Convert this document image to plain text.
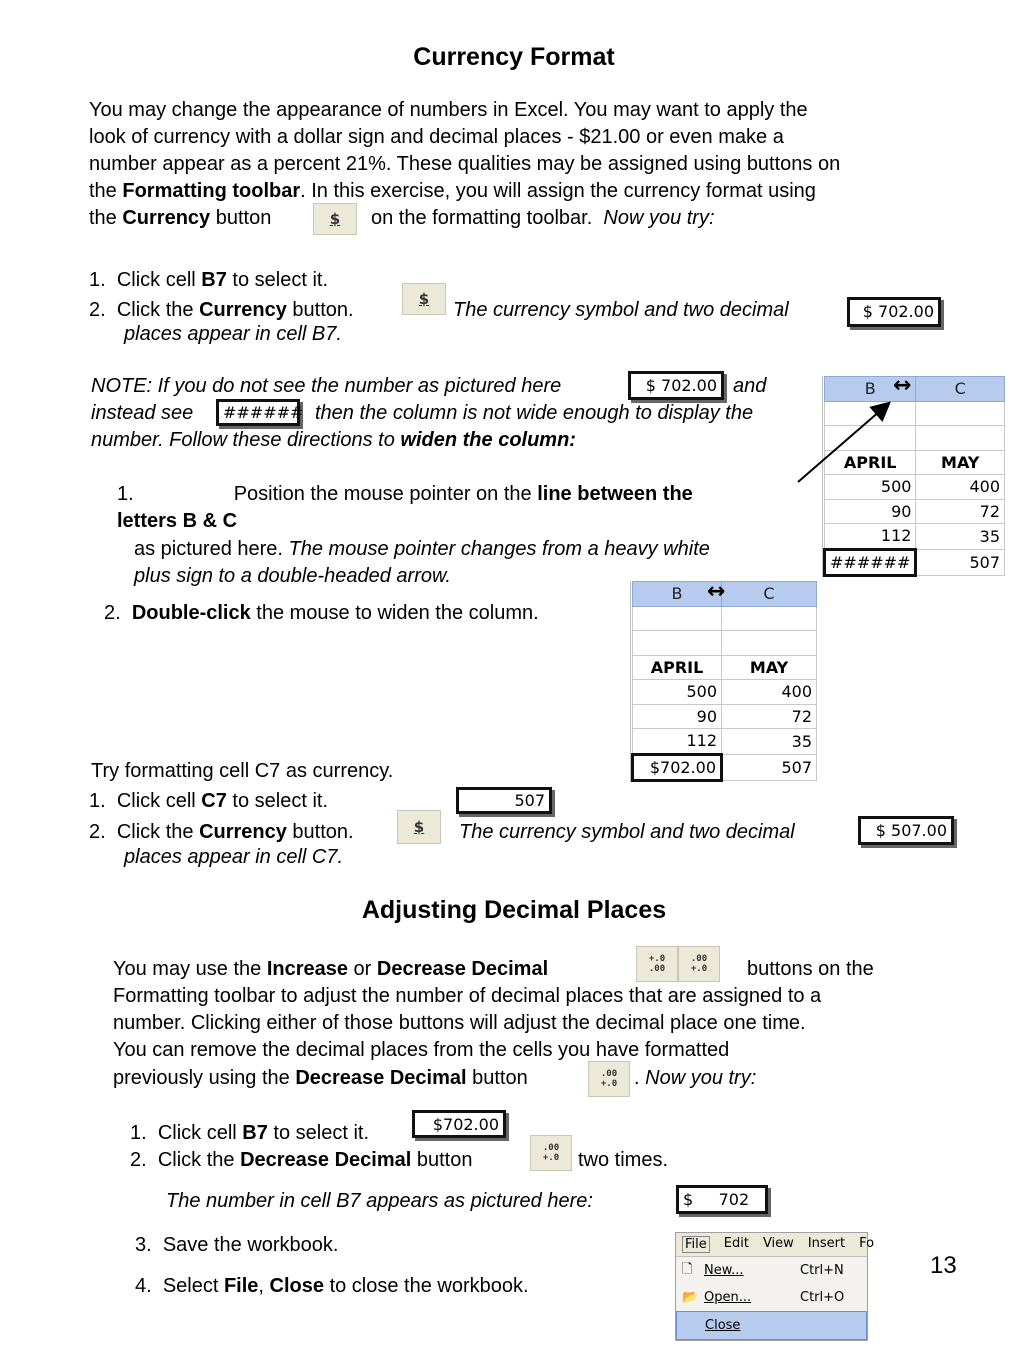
Currency Format
You may change the appearance of numbers in Excel. You may want to apply the
look of currency with a dollar sign and decimal places - $21.00 or even make a
number appear as a percent 21%. These qualities may be assigned using buttons on
the Formatting toolbar. In this exercise, you will assign the currency format using
the Currency button	$ on the formatting toolbar. Now you try:
1. Click cell B7 to select it.
2. Click the Currency button.	$ The currency symbol and two decimal
places appear in cell B7.
$ 702.00
NOTE: If you do not see the number as pictured here	$ 702.00 and
instead see	###### then the column is not wide enough to display the
number. Follow these directions to widen the column:
B	C

APRIL	MAY
500	400
90	72
112	35
######	507
↔
1.	Position the mouse pointer on the line between the
letters B & C
as pictured here. The mouse pointer changes from a heavy white
plus sign to a double-headed arrow.
2. Double-click the mouse to widen the column.
B	C

APRIL	MAY
500	400
90	72
112	35
$702.00	507
↔
Try formatting cell C7 as currency.
1. Click cell C7 to select it.	507
2. Click the Currency button.	$ The currency symbol and two decimal
places appear in cell C7.
$ 507.00
Adjusting Decimal Places
You may use the Increase or Decrease Decimal	+.0 .00
.00 +.0 buttons on the
Formatting toolbar to adjust the number of decimal places that are assigned to a
number. Clicking either of those buttons will adjust the decimal place one time.
You can remove the decimal places from the cells you have formatted
previously using the Decrease Decimal button	.00 +.0 . Now you try:
1. Click cell B7 to select it.	$702.00
2. Click the Decrease Decimal button
.00 +.0 two times.
The number in cell B7 appears as pictured here:	$     702
3. Save the workbook.
4. Select File, Close to close the workbook.
File Edit View Insert Fo
🗋 New...	Ctrl+N
📂 Open...	Ctrl+O
Close
13
